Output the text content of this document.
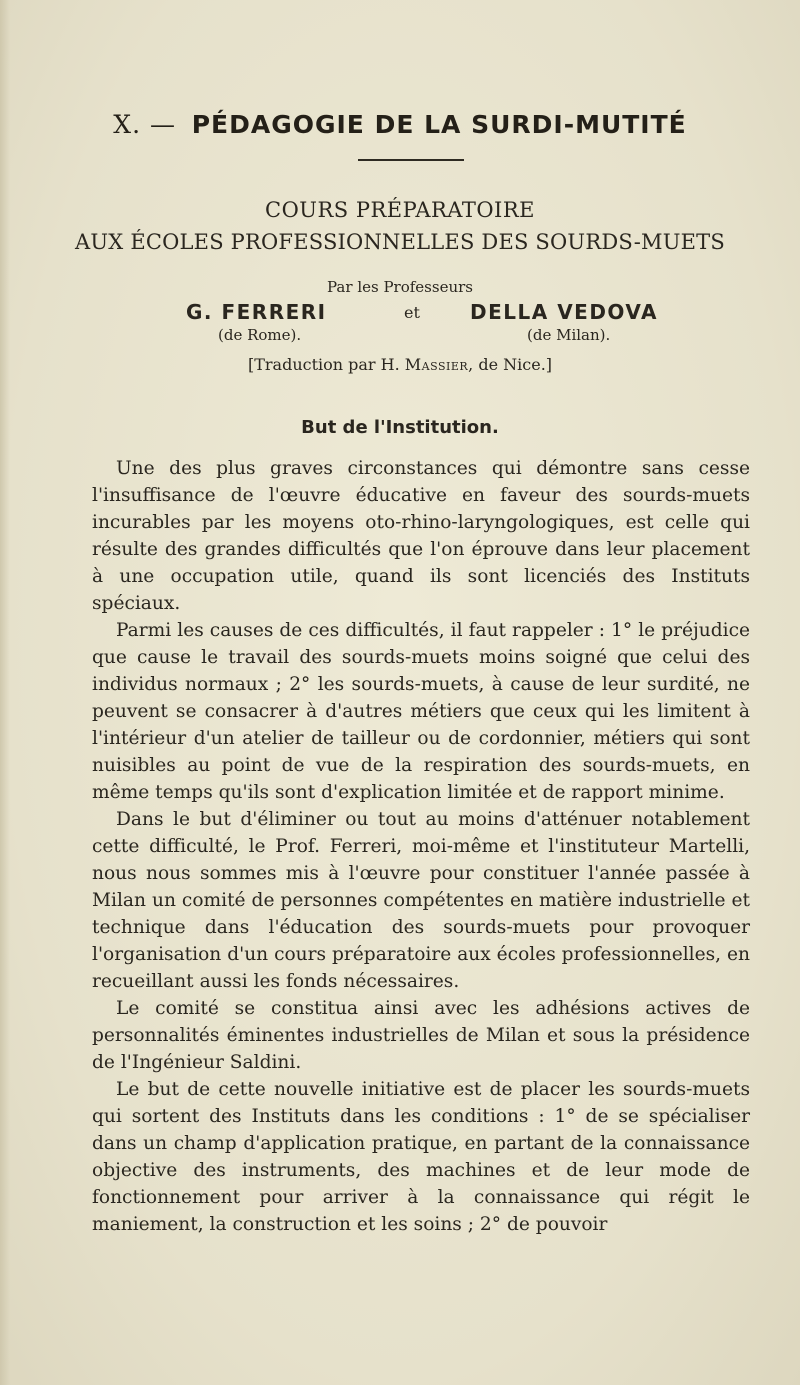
X. — PÉDAGOGIE DE LA SURDI-MUTITÉ
COURS PRÉPARATOIRE
AUX ÉCOLES PROFESSIONNELLES DES SOURDS-MUETS
Par les Professeurs
G. FERRERI
(de Rome).
et	DELLA VEDOVA
(de Milan).
[Traduction par H. Massier, de Nice.]
But de l'Institution.

Une des plus graves circonstances qui démontre sans cesse l'insuffisance de l'œuvre éducative en faveur des sourds-muets incurables par les moyens oto-rhino-laryngologiques, est celle qui résulte des grandes difficultés que l'on éprouve dans leur placement à une occupation utile, quand ils sont licenciés des Instituts spéciaux.

Parmi les causes de ces difficultés, il faut rappeler : 1° le préjudice que cause le travail des sourds-muets moins soigné que celui des individus normaux ; 2° les sourds-muets, à cause de leur surdité, ne peuvent se consacrer à d'autres métiers que ceux qui les limitent à l'intérieur d'un atelier de tailleur ou de cordonnier, métiers qui sont nuisibles au point de vue de la respiration des sourds-muets, en même temps qu'ils sont d'explication limitée et de rapport minime.

Dans le but d'éliminer ou tout au moins d'atténuer notablement cette difficulté, le Prof. Ferreri, moi-même et l'instituteur Martelli, nous nous sommes mis à l'œuvre pour constituer l'année passée à Milan un comité de personnes compétentes en matière industrielle et technique dans l'éducation des sourds-muets pour provoquer l'organisation d'un cours préparatoire aux écoles professionnelles, en recueillant aussi les fonds nécessaires.

Le comité se constitua ainsi avec les adhésions actives de personnalités éminentes industrielles de Milan et sous la présidence de l'Ingénieur Saldini.

Le but de cette nouvelle initiative est de placer les sourds-muets qui sortent des Instituts dans les conditions : 1° de se spécialiser dans un champ d'application pratique, en partant de la connaissance objective des instruments, des machines et de leur mode de fonctionnement pour arriver à la connaissance qui régit le maniement, la construction et les soins ; 2° de pouvoir
